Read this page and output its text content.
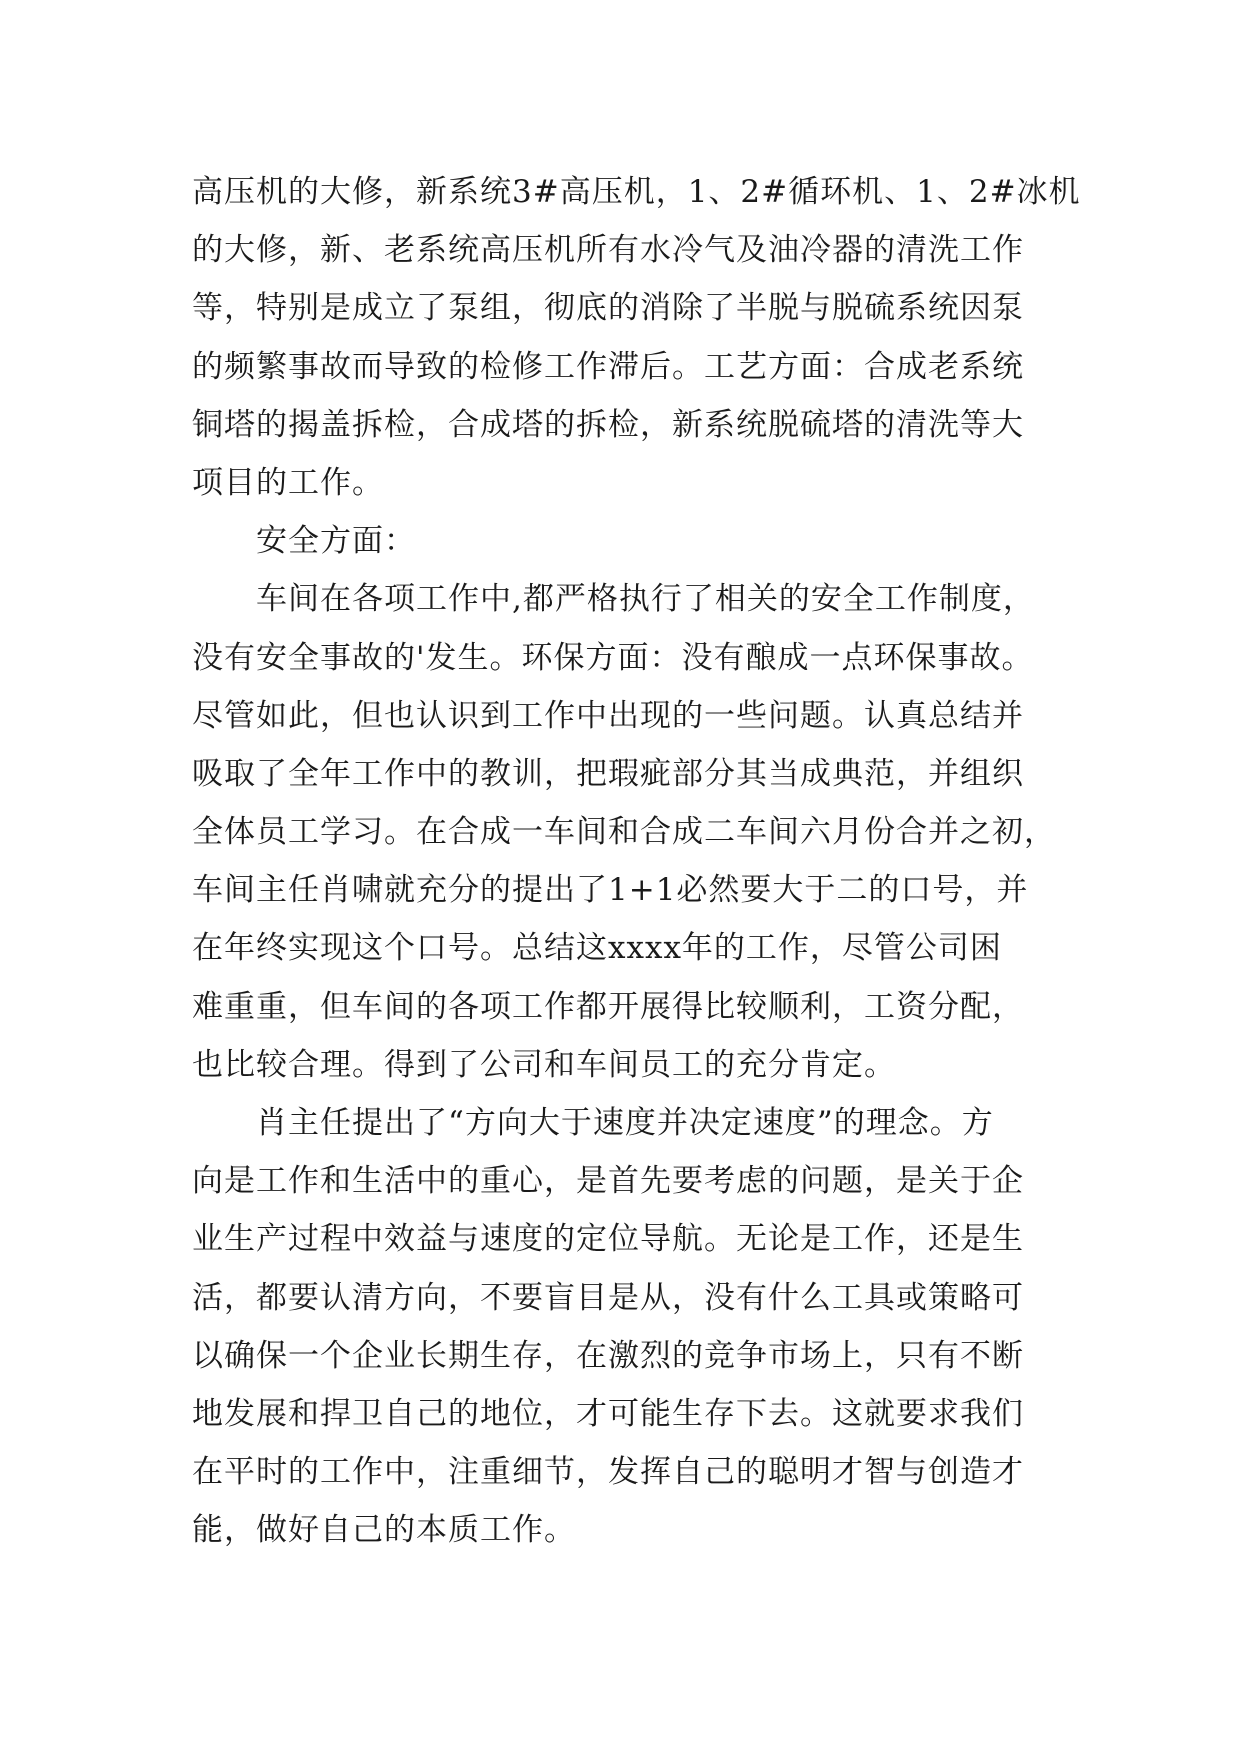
高压机的大修，新系统3#高压机，1、2#循环机、1、2#冰机
的大修，新、老系统高压机所有水冷气及油冷器的清洗工作
等，特别是成立了泵组，彻底的消除了半脱与脱硫系统因泵
的频繁事故而导致的检修工作滞后。工艺方面：合成老系统
铜塔的揭盖拆检，合成塔的拆检，新系统脱硫塔的清洗等大
项目的工作。
安全方面：
车间在各项工作中,都严格执行了相关的安全工作制度，
没有安全事故的'发生。环保方面：没有酿成一点环保事故。
尽管如此，但也认识到工作中出现的一些问题。认真总结并
吸取了全年工作中的教训，把瑕疵部分其当成典范，并组织
全体员工学习。在合成一车间和合成二车间六月份合并之初，
车间主任肖啸就充分的提出了1+1必然要大于二的口号，并
在年终实现这个口号。总结这xxxx年的工作，尽管公司困
难重重，但车间的各项工作都开展得比较顺利，工资分配，
也比较合理。得到了公司和车间员工的充分肯定。
肖主任提出了“方向大于速度并决定速度”的理念。方
向是工作和生活中的重心，是首先要考虑的问题，是关于企
业生产过程中效益与速度的定位导航。无论是工作，还是生
活，都要认清方向，不要盲目是从，没有什么工具或策略可
以确保一个企业长期生存，在激烈的竞争市场上，只有不断
地发展和捍卫自己的地位，才可能生存下去。这就要求我们
在平时的工作中，注重细节，发挥自己的聪明才智与创造才
能，做好自己的本质工作。
